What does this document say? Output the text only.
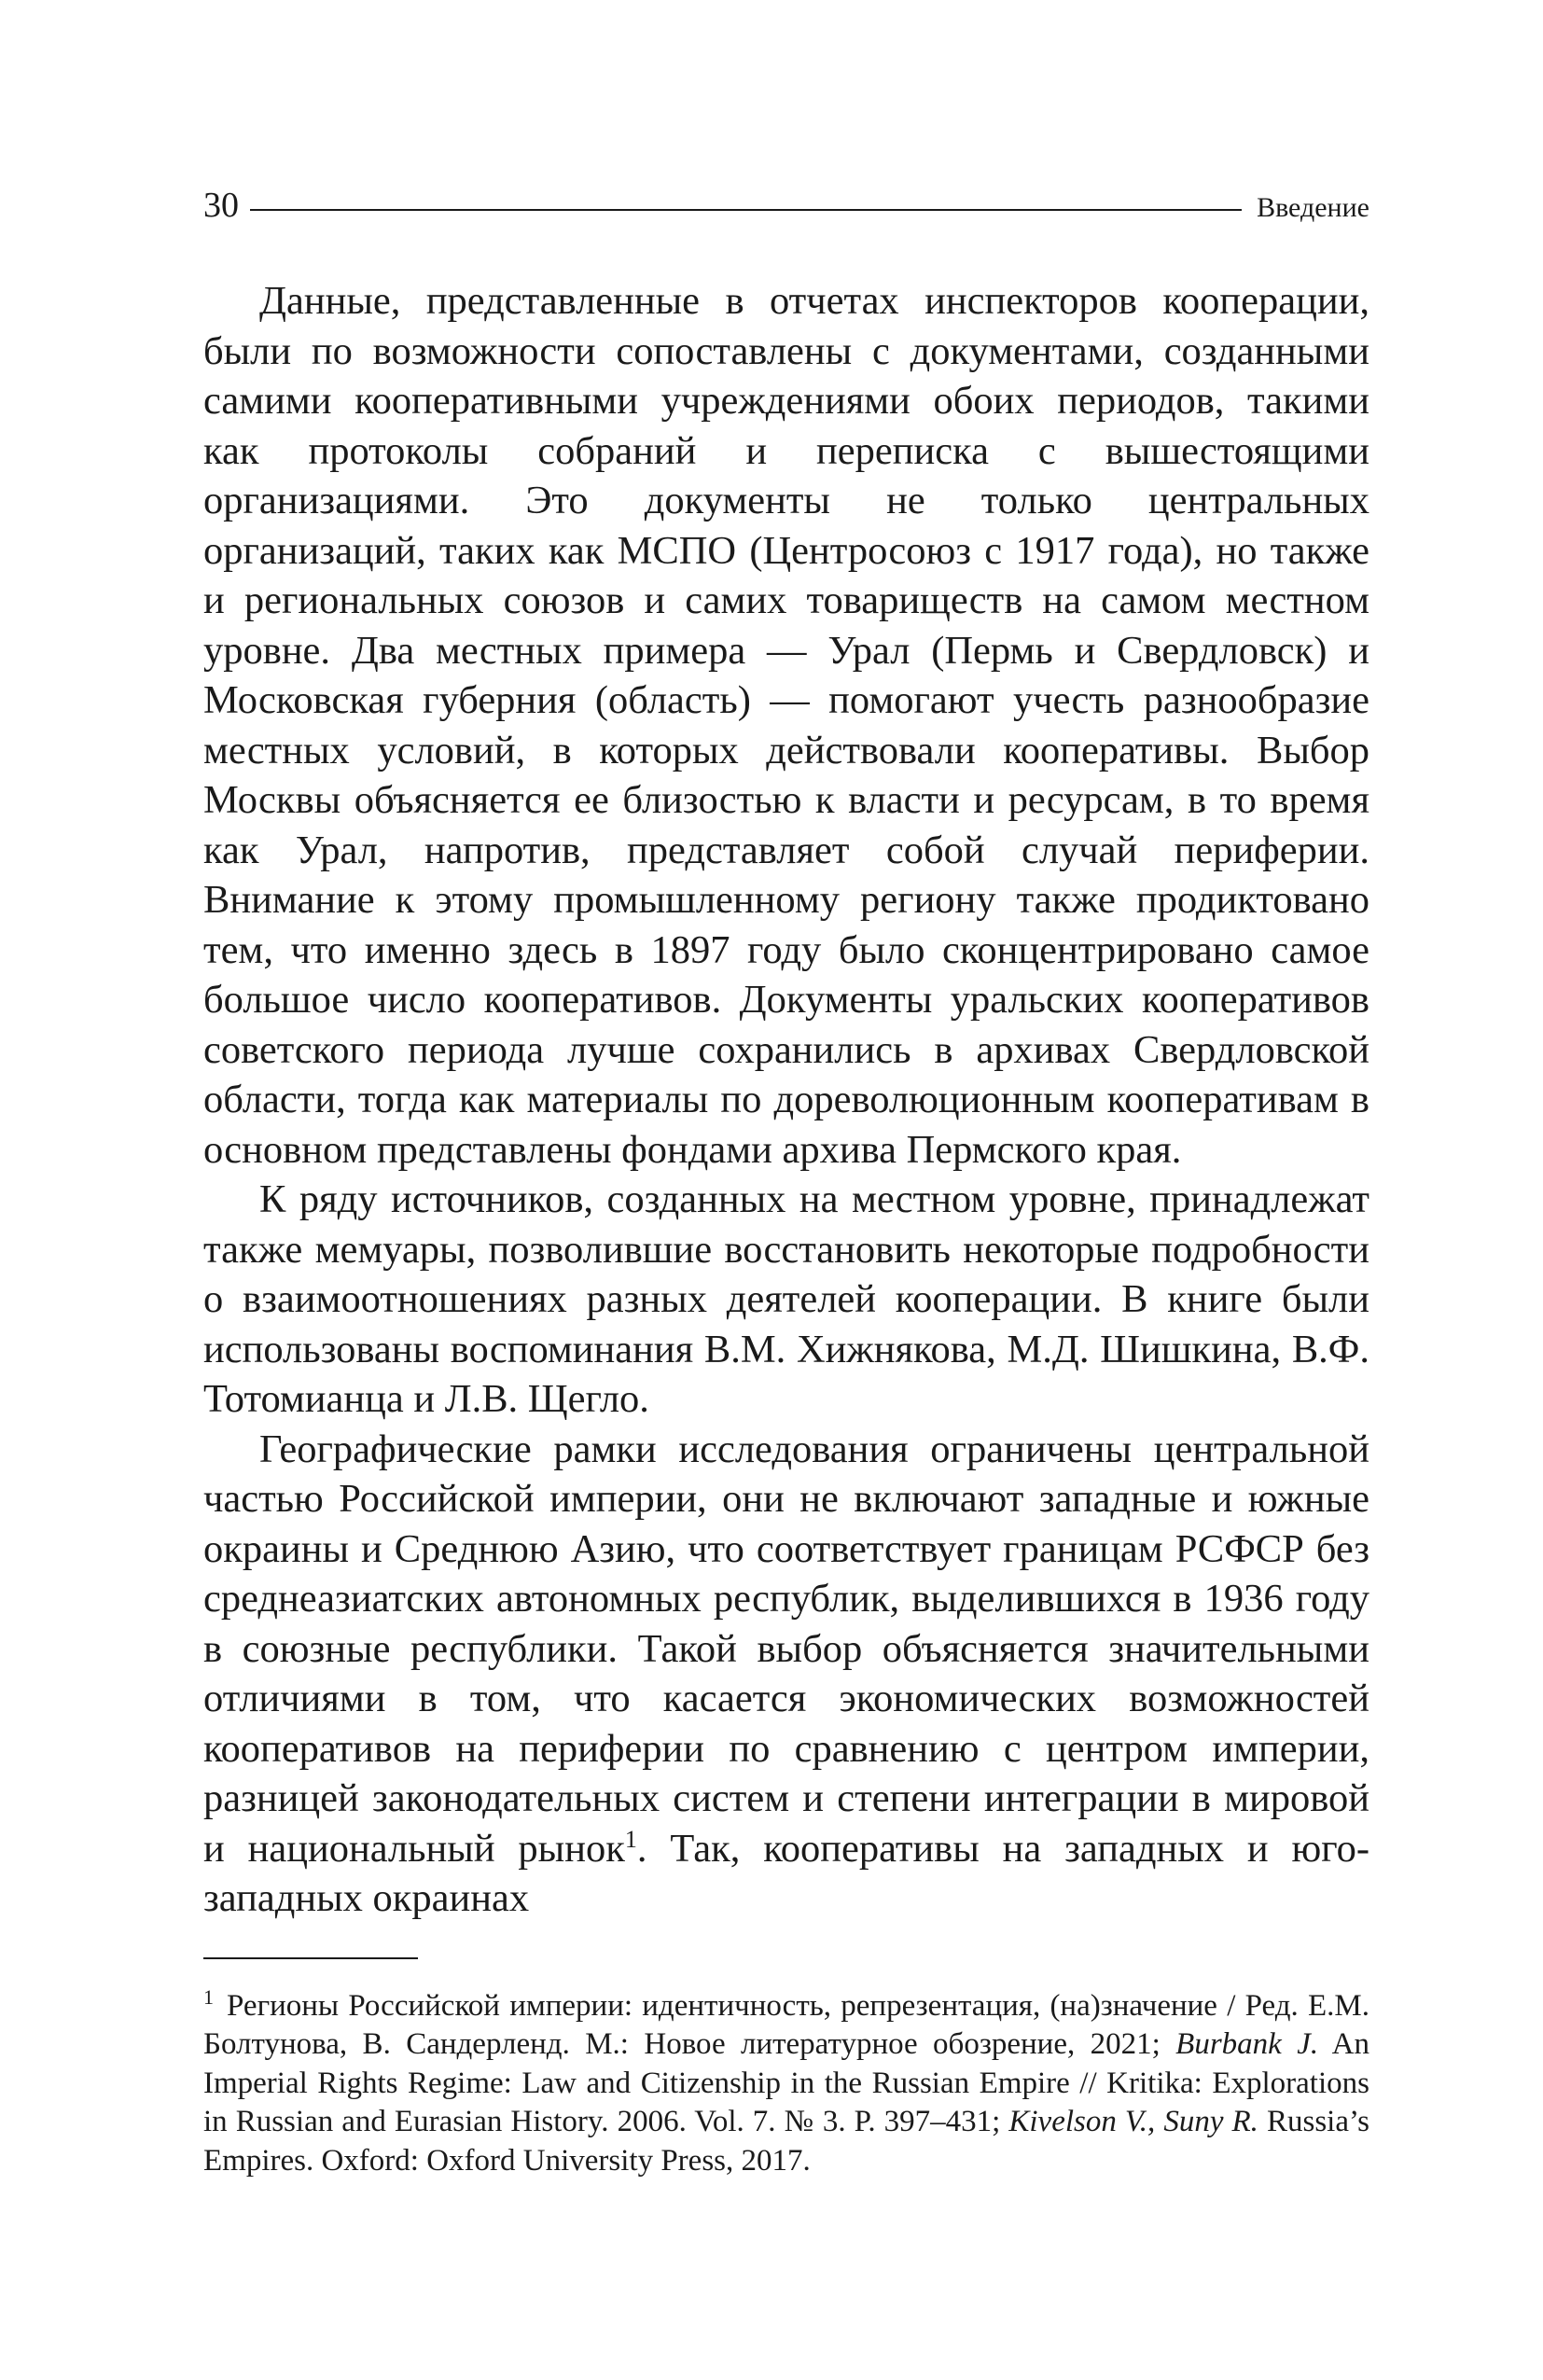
30	Введение

Данные, представленные в отчетах инспекторов кооперации, были по возможности сопоставлены с документами, созданными самими кооперативными учреждениями обоих периодов, такими как протоколы собраний и переписка с вышестоящими организациями. Это документы не только центральных организаций, таких как МСПО (Центросоюз с 1917 года), но также и региональных союзов и самих товариществ на самом местном уровне. Два местных примера — Урал (Пермь и Свердловск) и Московская губерния (область) — помогают учесть разнообразие местных условий, в которых действовали кооперативы. Выбор Москвы объясняется ее близостью к власти и ресурсам, в то время как Урал, напротив, представляет собой случай периферии. Внимание к этому промышленному региону также продиктовано тем, что именно здесь в 1897 году было сконцентрировано самое большое число кооперативов. Документы уральских кооперативов советского периода лучше сохранились в архивах Свердловской области, тогда как материалы по дореволюционным кооперативам в основном представлены фондами архива Пермского края.

К ряду источников, созданных на местном уровне, принадлежат также мемуары, позволившие восстановить некоторые подробности о взаимоотношениях разных деятелей кооперации. В книге были использованы воспоминания В.М. Хижнякова, М.Д. Шишкина, В.Ф. Тотомианца и Л.В. Щегло.

Географические рамки исследования ограничены центральной частью Российской империи, они не включают западные и южные окраины и Среднюю Азию, что соответствует границам РСФСР без среднеазиатских автономных республик, выделившихся в 1936 году в союзные республики. Такой выбор объясняется значительными отличиями в том, что касается экономических возможностей кооперативов на периферии по сравнению с центром империи, разницей законодательных систем и степени интеграции в мировой и национальный рынок$^1$. Так, кооперативы на западных и юго-западных окраинах

$^1$ Регионы Российской империи: идентичность, репрезентация, (на)значение / Ред. Е.М. Болтунова, В. Сандерленд. М.: Новое литературное обозрение, 2021; Burbank J. An Imperial Rights Regime: Law and Citizenship in the Russian Empire // Kritika: Explorations in Russian and Eurasian History. 2006. Vol. 7. № 3. P. 397–431; Kivelson V., Suny R. Russia’s Empires. Oxford: Oxford University Press, 2017.
